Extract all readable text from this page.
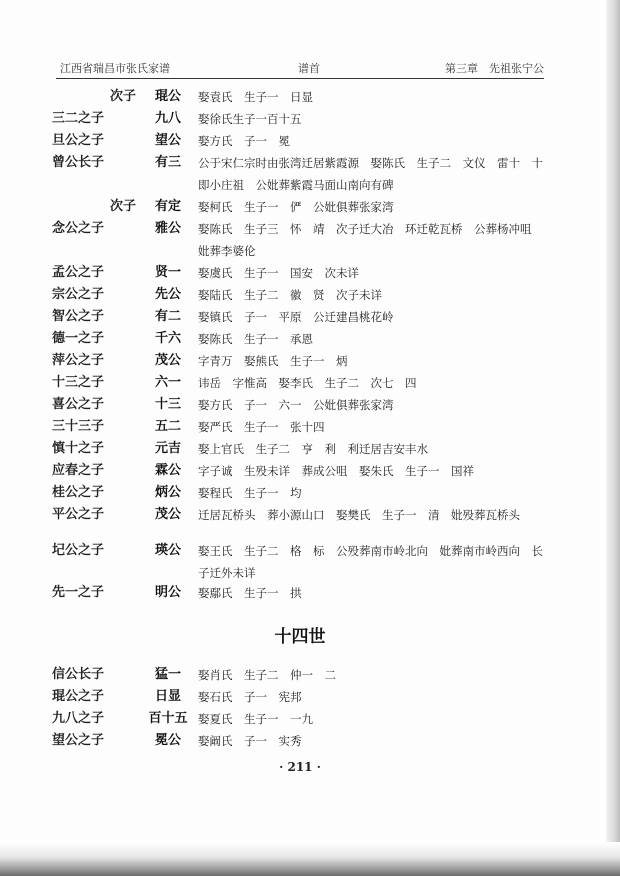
江西省瑞昌市张氏家谱	谱首	第三章　先祖张宁公
次子	琨公	娶袁氏　生子一　日显
三二之子	九八	娶徐氏生子一百十五
旦公之子	望公	娶方氏　子一　冕
曾公长子	有三	公于宋仁宗时由张湾迁居紫霞源　娶陈氏　生子二　文仪　雷十　十即小庄祖　公妣葬紫霞马面山南向有碑
次子	有定	娶柯氏　生子一　俨　公妣俱葬张家湾
念公之子	雅公	娶陈氏　生子三　怀　靖　次子迁大冶　环迁乾瓦桥　公葬杨冲咀　妣葬李婆伦
孟公之子	贤一	娶虞氏　生子一　国安　次未详
宗公之子	先公	娶陆氏　生子二　徽　贤　次子未详
智公之子	有二	娶镇氏　子一　平原　公迁建昌桃花岭
德一之子	千六	娶陈氏　生子一　承恩
萍公之子	茂公	字青万　娶熊氏　生子一　炳
十三之子	六一	讳岳　字惟高　娶李氏　生子二　次七　四
喜公之子	十三	娶方氏　子一　六一　公妣俱葬张家湾
三十三子	五二	娶严氏　生子一　张十四
慎十之子	元吉	娶上官氏　生子二　亨　利　利迁居吉安丰水
应春之子	霖公	字子诚　生殁未详　葬成公咀　娶朱氏　生子一　国祥
桂公之子	炳公	娶程氏　生子一　均
平公之子	茂公	迁居瓦桥头　葬小源山口　娶樊氏　生子一　清　妣殁葬瓦桥头
圮公之子	瑛公	娶王氏　生子二　格　标　公殁葬南市岭北向　妣葬南市岭西向　长子迁外未详
先一之子	明公	娶鄢氏　生子一　拱
十四世
信公长子	猛一	娶肖氏　生子二　仲一　二
琨公之子	日显	娶石氏　子一　宪邦
九八之子	百十五 娶夏氏　生子一　一九
望公之子	冕公	娶阚氏　子一　实秀
· 211 ·
